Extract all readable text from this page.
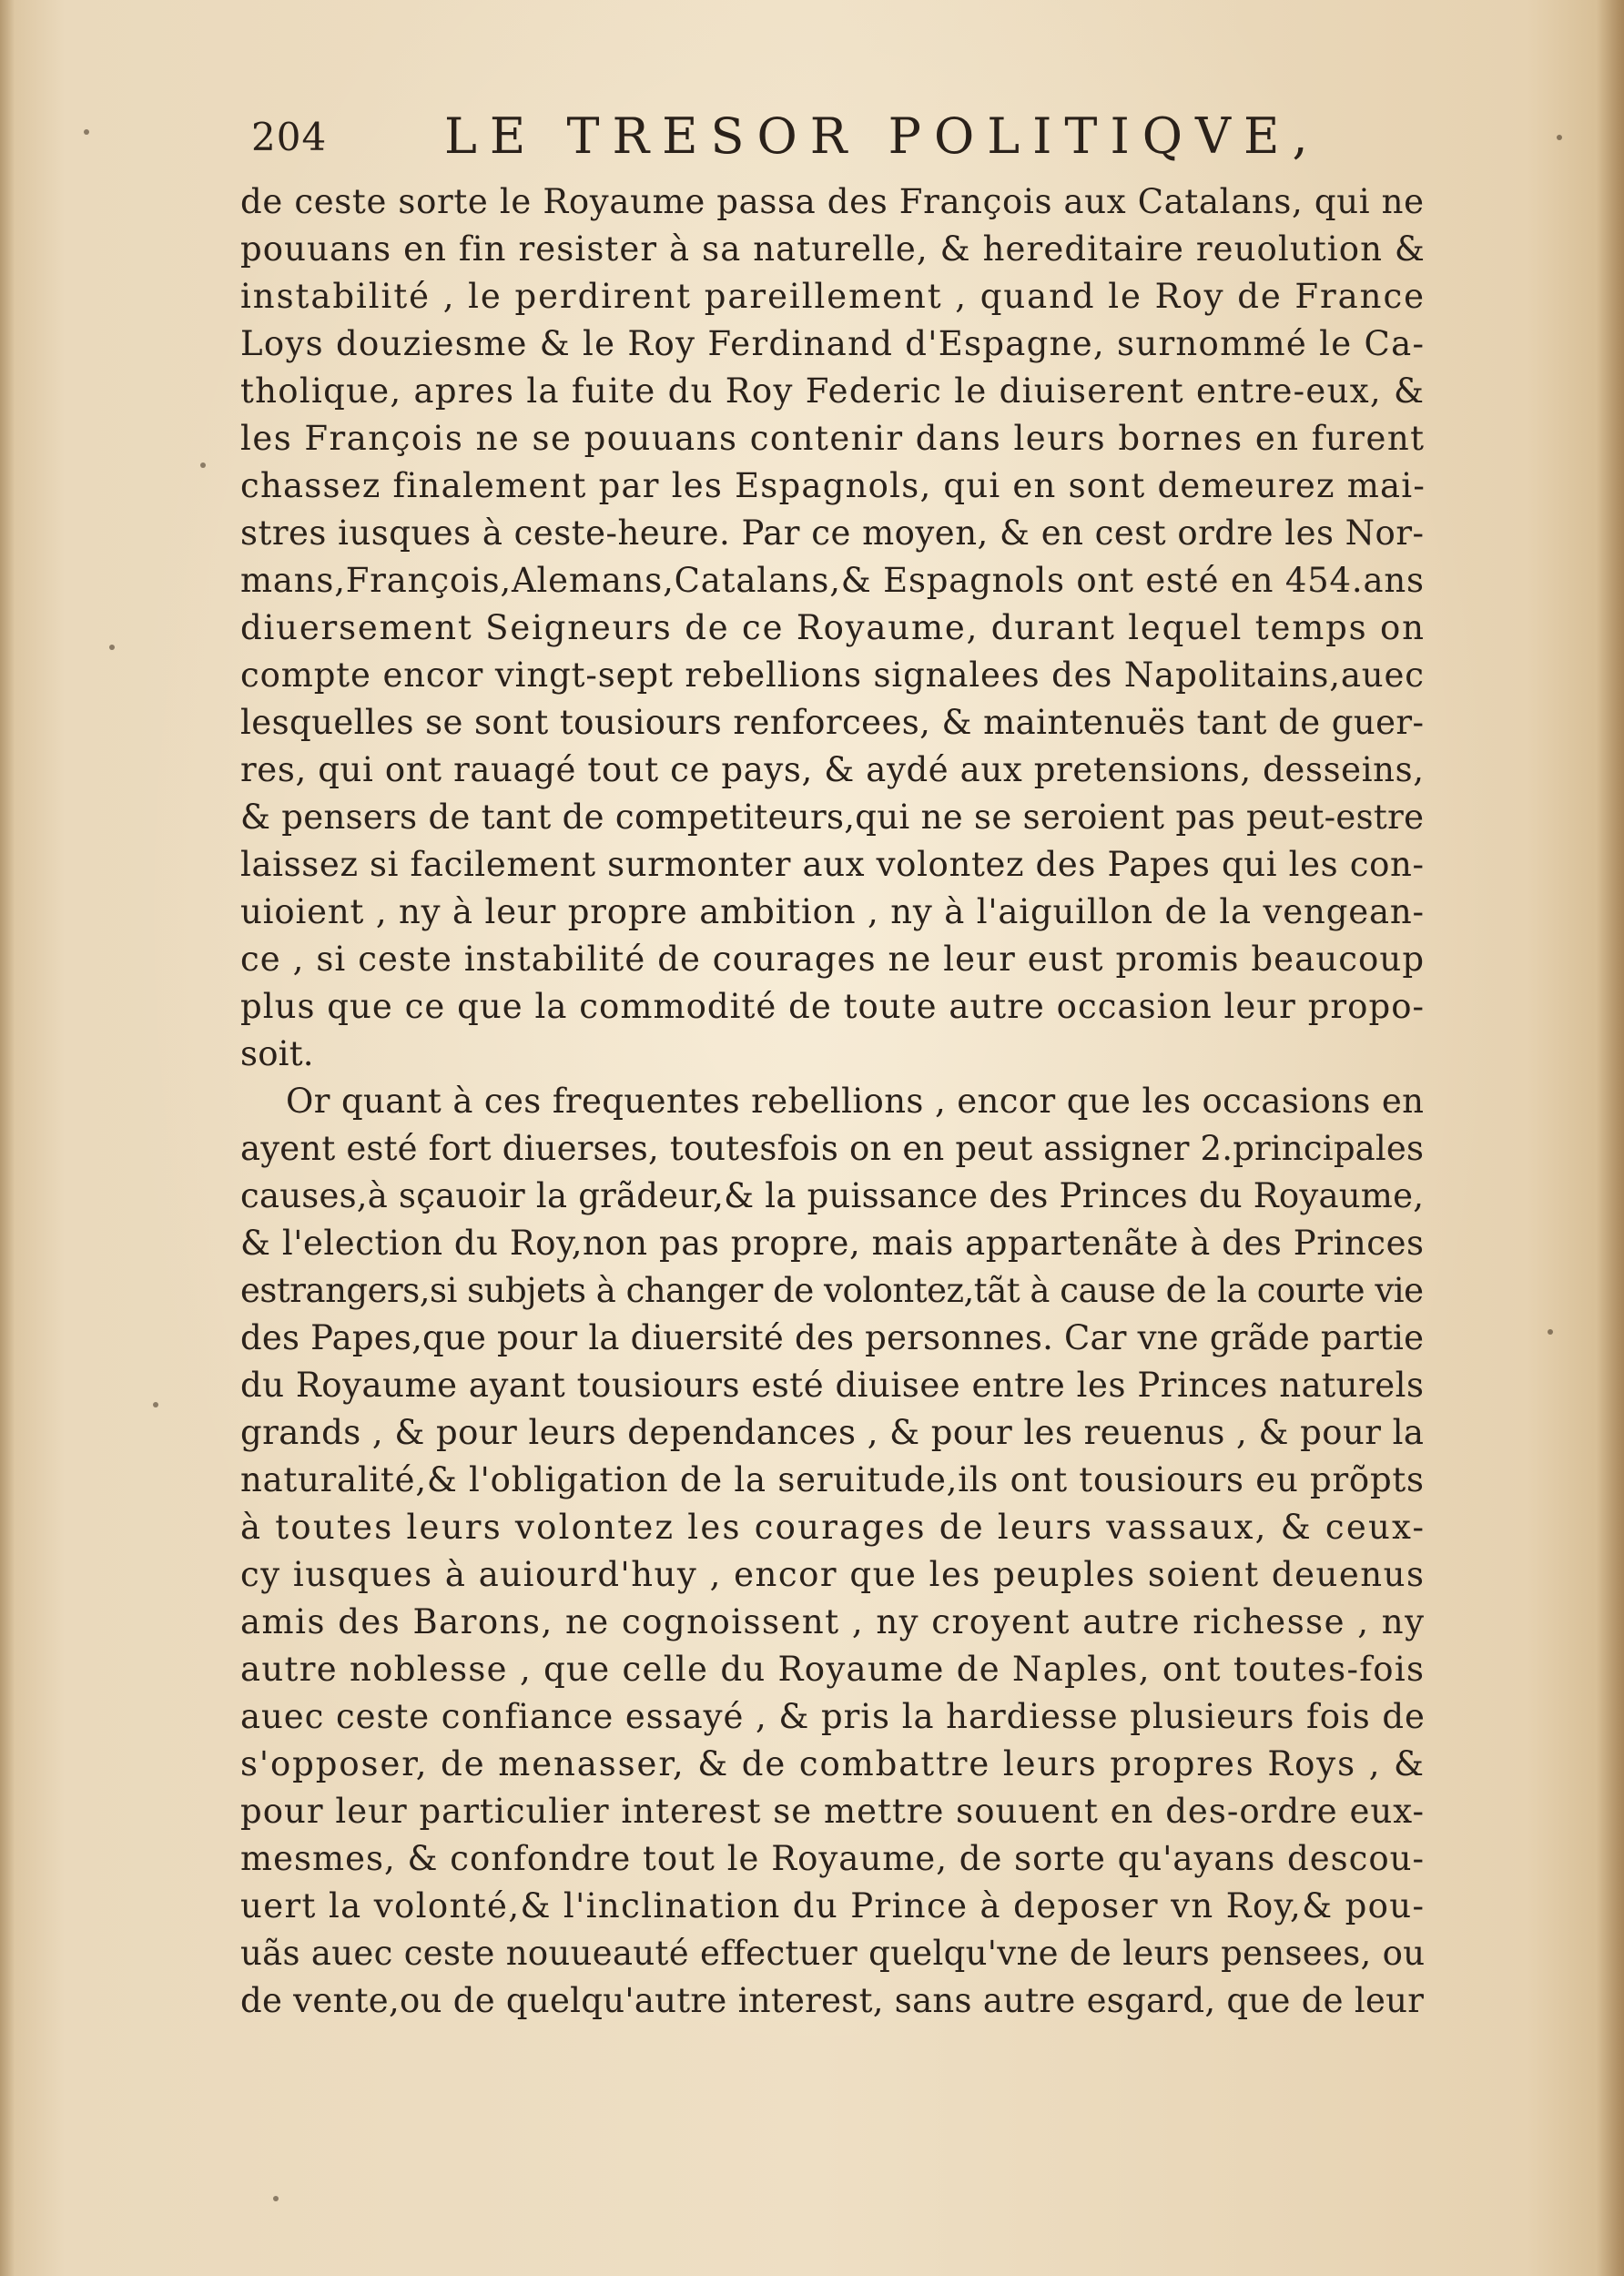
204 LE TRESOR POLITIQVE,
de ceste sorte le Royaume passa des François aux Catalans, qui ne
pouuans en fin resister à sa naturelle, & hereditaire reuolution &
instabilité , le perdirent pareillement , quand le Roy de France
Loys douziesme & le Roy Ferdinand d'Espagne, surnommé le Ca-
tholique, apres la fuite du Roy Federic le diuiserent entre-eux, &
les François ne se pouuans contenir dans leurs bornes en furent
chassez finalement par les Espagnols, qui en sont demeurez mai-
stres iusques à ceste-heure. Par ce moyen, & en cest ordre les Nor-
mans,François,Alemans,Catalans,& Espagnols ont esté en 454.ans
diuersement Seigneurs de ce Royaume, durant lequel temps on
compte encor vingt-sept rebellions signalees des Napolitains,auec
lesquelles se sont tousiours renforcees, & maintenuës tant de guer-
res, qui ont rauagé tout ce pays, & aydé aux pretensions, desseins,
& pensers de tant de competiteurs,qui ne se seroient pas peut-estre
laissez si facilement surmonter aux volontez des Papes qui les con-
uioient , ny à leur propre ambition , ny à l'aiguillon de la vengean-
ce , si ceste instabilité de courages ne leur eust promis beaucoup
plus que ce que la commodité de toute autre occasion leur propo-
soit.
Or quant à ces frequentes rebellions , encor que les occasions en
ayent esté fort diuerses, toutesfois on en peut assigner 2.principales
causes,à sçauoir la grãdeur,& la puissance des Princes du Royaume,
& l'election du Roy,non pas propre, mais appartenãte à des Princes
estrangers,si subjets à changer de volontez,tãt à cause de la courte vie
des Papes,que pour la diuersité des personnes. Car vne grãde partie
du Royaume ayant tousiours esté diuisee entre les Princes naturels
grands , & pour leurs dependances , & pour les reuenus , & pour la
naturalité,& l'obligation de la seruitude,ils ont tousiours eu prõpts
à toutes leurs volontez les courages de leurs vassaux, & ceux-
cy iusques à auiourd'huy , encor que les peuples soient deuenus
amis des Barons, ne cognoissent , ny croyent autre richesse , ny
autre noblesse , que celle du Royaume de Naples, ont toutes-fois
auec ceste confiance essayé , & pris la hardiesse plusieurs fois de
s'opposer, de menasser, & de combattre leurs propres Roys , &
pour leur particulier interest se mettre souuent en des-ordre eux-
mesmes, & confondre tout le Royaume, de sorte qu'ayans descou-
uert la volonté,& l'inclination du Prince à deposer vn Roy,& pou-
uãs auec ceste nouueauté effectuer quelqu'vne de leurs pensees, ou
de vente,ou de quelqu'autre interest, sans autre esgard, que de leur
